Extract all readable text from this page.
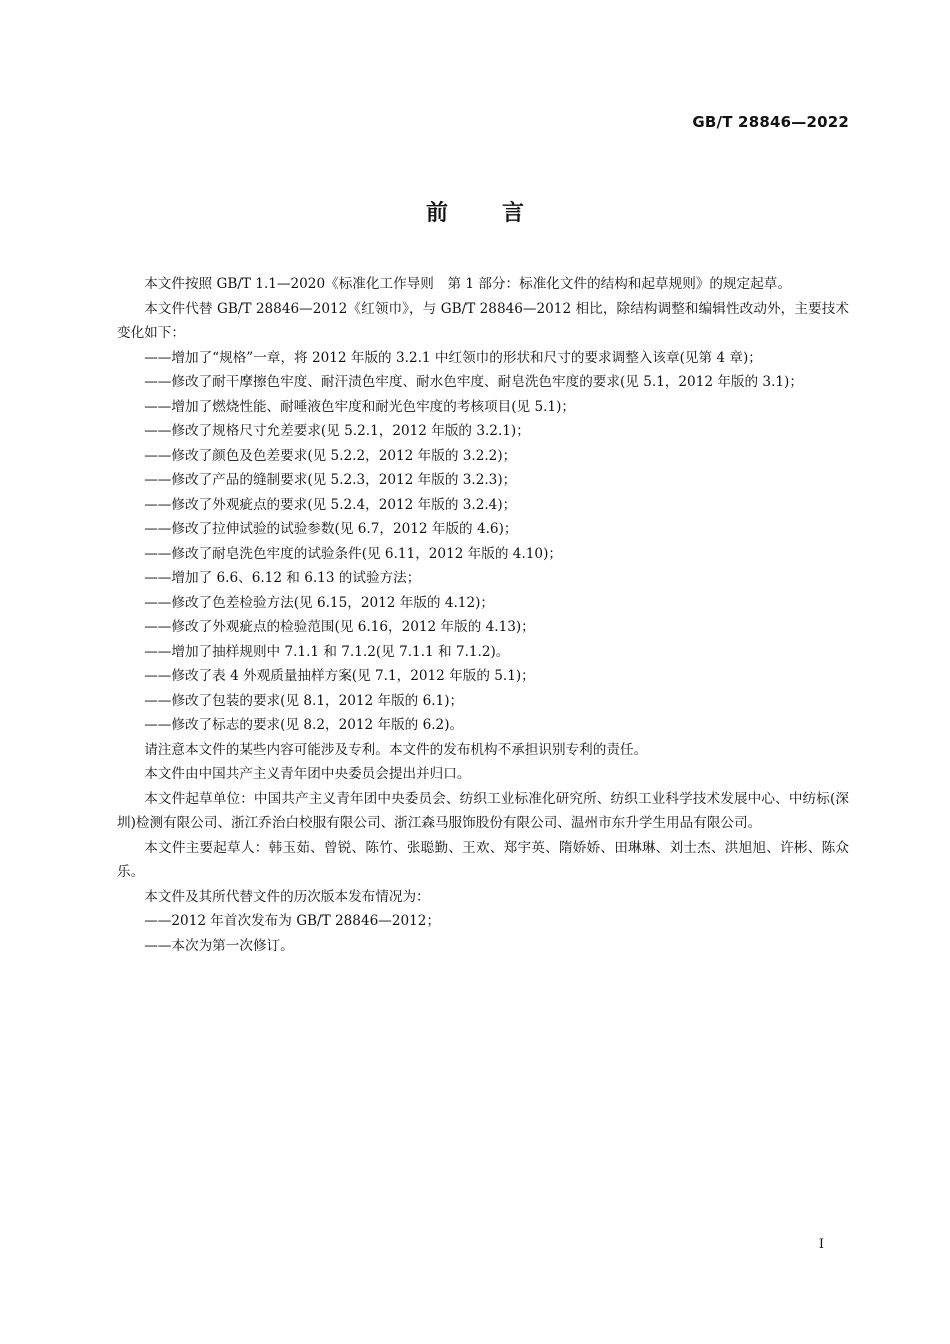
GB/T 28846—2022
前言

本文件按照 GB/T 1.1—2020《标准化工作导则　第 1 部分：标准化文件的结构和起草规则》的规定起草。

本文件代替 GB/T 28846—2012《红领巾》，与 GB/T 28846—2012 相比，除结构调整和编辑性改动外，主要技术变化如下：

——增加了“规格”一章，将 2012 年版的 3.2.1 中红领巾的形状和尺寸的要求调整入该章(见第 4 章)；

——修改了耐干摩擦色牢度、耐汗渍色牢度、耐水色牢度、耐皂洗色牢度的要求(见 5.1，2012 年版的 3.1)；

——增加了燃烧性能、耐唾液色牢度和耐光色牢度的考核项目(见 5.1)；

——修改了规格尺寸允差要求(见 5.2.1，2012 年版的 3.2.1)；

——修改了颜色及色差要求(见 5.2.2，2012 年版的 3.2.2)；

——修改了产品的缝制要求(见 5.2.3，2012 年版的 3.2.3)；

——修改了外观疵点的要求(见 5.2.4，2012 年版的 3.2.4)；

——修改了拉伸试验的试验参数(见 6.7，2012 年版的 4.6)；

——修改了耐皂洗色牢度的试验条件(见 6.11，2012 年版的 4.10)；

——增加了 6.6、6.12 和 6.13 的试验方法；

——修改了色差检验方法(见 6.15，2012 年版的 4.12)；

——修改了外观疵点的检验范围(见 6.16，2012 年版的 4.13)；

——增加了抽样规则中 7.1.1 和 7.1.2(见 7.1.1 和 7.1.2)。

——修改了表 4 外观质量抽样方案(见 7.1，2012 年版的 5.1)；

——修改了包装的要求(见 8.1，2012 年版的 6.1)；

——修改了标志的要求(见 8.2，2012 年版的 6.2)。

请注意本文件的某些内容可能涉及专利。本文件的发布机构不承担识别专利的责任。

本文件由中国共产主义青年团中央委员会提出并归口。

本文件起草单位：中国共产主义青年团中央委员会、纺织工业标准化研究所、纺织工业科学技术发展中心、中纺标(深圳)检测有限公司、浙江乔治白校服有限公司、浙江森马服饰股份有限公司、温州市东升学生用品有限公司。

本文件主要起草人：韩玉茹、曾锐、陈竹、张聪勤、王欢、郑宇英、隋娇娇、田琳琳、刘士杰、洪旭旭、许彬、陈众乐。

本文件及其所代替文件的历次版本发布情况为：

——2012 年首次发布为 GB/T 28846—2012；

——本次为第一次修订。

I
